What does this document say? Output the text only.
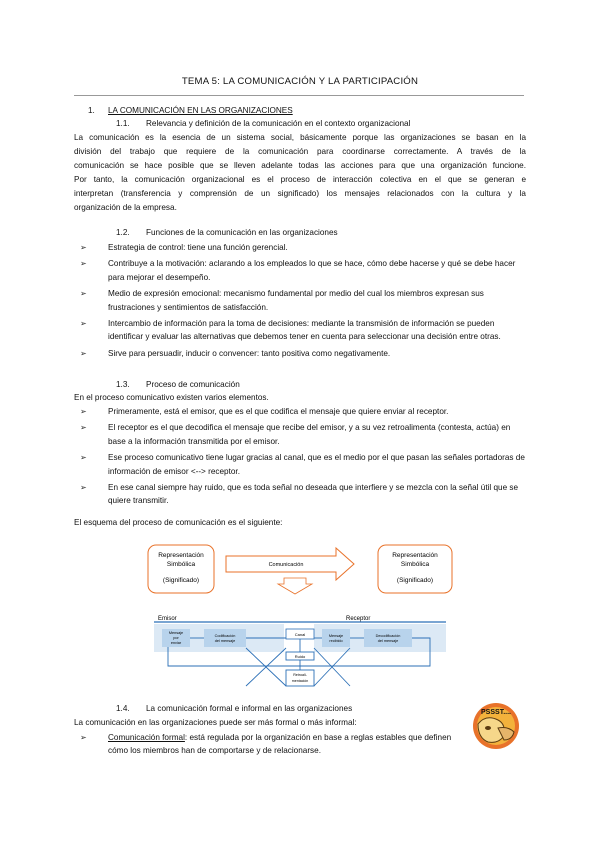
TEMA 5: LA COMUNICACIÓN Y LA PARTICIPACIÓN
1. LA COMUNICACIÓN EN LAS ORGANIZACIONES
1.1. Relevancia y definición de la comunicación en el contexto organizacional
La comunicación es la esencia de un sistema social, básicamente porque las organizaciones se basan en la
división del trabajo que requiere de la comunicación para coordinarse correctamente. A través de la
comunicación se hace posible que se lleven adelante todas las acciones para que una organización funcione.
Por tanto, la comunicación organizacional es el proceso de interacción colectiva en el que se generan e
interpretan (transferencia y comprensión de un significado) los mensajes relacionados con la cultura y la
organización de la empresa.
1.2. Funciones de la comunicación en las organizaciones
➢	Estrategia de control: tiene una función gerencial.
➢	Contribuye a la motivación: aclarando a los empleados lo que se hace, cómo debe hacerse y qué se debe hacer para mejorar el desempeño.
➢	Medio de expresión emocional: mecanismo fundamental por medio del cual los miembros expresan sus frustraciones y sentimientos de satisfacción.
➢	Intercambio de información para la toma de decisiones: mediante la transmisión de información se pueden identificar y evaluar las alternativas que debemos tener en cuenta para seleccionar una decisión entre otras.
➢	Sirve para persuadir, inducir o convencer: tanto positiva como negativamente.
1.3. Proceso de comunicación
En el proceso comunicativo existen varios elementos.
➢	Primeramente, está el emisor, que es el que codifica el mensaje que quiere enviar al receptor.
➢	El receptor es el que decodifica el mensaje que recibe del emisor, y a su vez retroalimenta (contesta, actúa) en base a la información transmitida por el emisor.
➢	Ese proceso comunicativo tiene lugar gracias al canal, que es el medio por el que pasan las señales portadoras de información de emisor <--> receptor.
➢	En ese canal siempre hay ruido, que es toda señal no deseada que interfiere y se mezcla con la señal útil que se quiere transmitir.
El esquema del proceso de comunicación es el siguiente:
Representación
Simbólica
(Significado)
Representación
Simbólica
(Significado)
Comunicación
Emisor	Receptor
Mensaje
por
enviar
Codificación
del mensaje
Canal	Mensaje
recibido
Decodificación
del mensaje
Ruido
Retroali-
mentación
1.4. La comunicación formal e informal en las organizaciones
La comunicación en las organizaciones puede ser más formal o más informal:
➢	Comunicación formal: está regulada por la organización en base a reglas estables que definen cómo los miembros han de comportarse y de relacionarse.
PSSST....
